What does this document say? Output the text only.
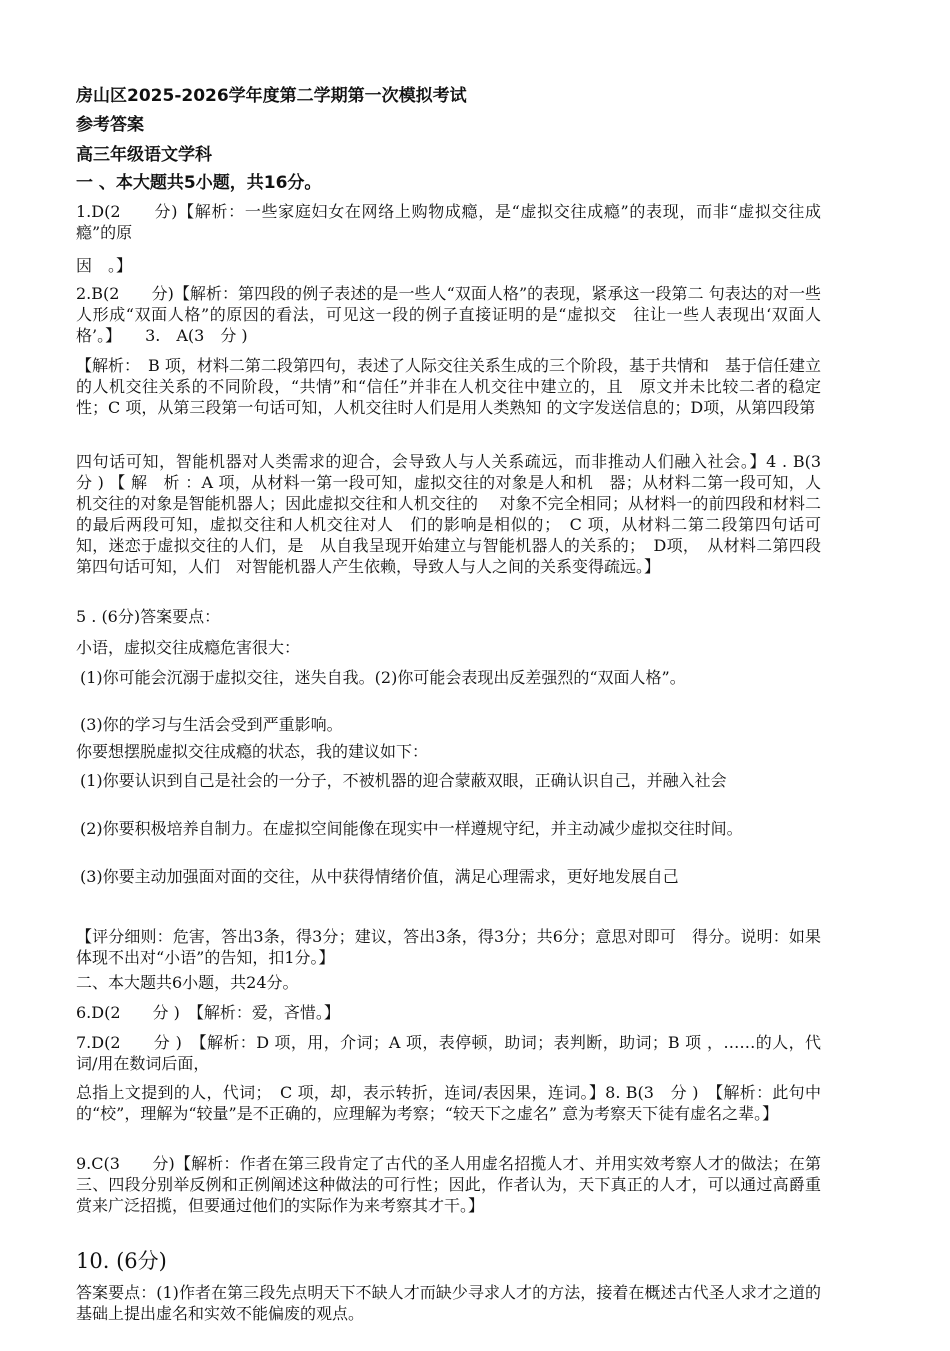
房山区2025-2026学年度第二学期第一次模拟考试
参考答案
高三年级语文学科
一 、本大题共5小题，共16分。
1.D(2　　分)【解析：一些家庭妇女在网络上购物成瘾，是“虚拟交往成瘾”的表现，而非“虚拟交往成瘾”的原
因　。】
2.B(2　　分)【解析：第四段的例子表述的是一些人“双面人格”的表现，紧承这一段第二 句表达的对一些人形成“双面人格”的原因的看法，可见这一段的例子直接证明的是“虚拟交　往让一些人表现出‘双面人格’。】　　3.　A(3　分 )
【解析：　B 项，材料二第二段第四句，表述了人际交往关系生成的三个阶段，基于共情和　基于信任建立的人机交往关系的不同阶段，“共情”和“信任”并非在人机交往中建立的，且　原文并未比较二者的稳定性；C 项，从第三段第一句话可知，人机交往时人们是用人类熟知 的文字发送信息的；D项，从第四段第
四句话可知，智能机器对人类需求的迎合，会导致人与人关系疏远，而非推动人们融入社会。】4 . B(3　分 ) 【 解　析 ：A 项，从材料一第一段可知，虚拟交往的对象是人和机　器；从材料二第一段可知，人机交往的对象是智能机器人；因此虚拟交往和人机交往的　 对象不完全相同；从材料一的前四段和材料二的最后两段可知，虚拟交往和人机交往对人　们的影响是相似的；　C 项，从材料二第二段第四句话可知，迷恋于虚拟交往的人们，是　从自我呈现开始建立与智能机器人的关系的；　D项，　从材料二第四段第四句话可知，人们　对智能机器人产生依赖，导致人与人之间的关系变得疏远。】
5 . (6分)答案要点：
小语，虚拟交往成瘾危害很大：
(1)你可能会沉溺于虚拟交往，迷失自我。(2)你可能会表现出反差强烈的“双面人格”。
(3)你的学习与生活会受到严重影响。
你要想摆脱虚拟交往成瘾的状态，我的建议如下：
(1)你要认识到自己是社会的一分子，不被机器的迎合蒙蔽双眼，正确认识自己，并融入社会
(2)你要积极培养自制力。在虚拟空间能像在现实中一样遵规守纪，并主动减少虚拟交往时间。
(3)你要主动加强面对面的交往，从中获得情绪价值，满足心理需求，更好地发展自己
【评分细则：危害，答出3条，得3分；建议，答出3条，得3分；共6分；意思对即可　得分。说明：如果体现不出对“小语”的告知，扣1分。】
二、本大题共6小题，共24分。
6.D(2　　分 )　【解析：爱，吝惜。】
7.D(2　　分 )　【解析：D 项，用，介词；A 项，表停顿，助词；表判断，助词；B 项 ，……的人，代词/用在数词后面，
总指上文提到的人，代词；　C 项，却，表示转折，连词/表因果，连词。】8. B(3　分 )　【解析：此句中的“校”，理解为“较量”是不正确的，应理解为考察；“较天下之虚名” 意为考察天下徒有虚名之辈。】
9.C(3　　分)【解析：作者在第三段肯定了古代的圣人用虚名招揽人才、并用实效考察人才的做法；在第三、四段分别举反例和正例阐述这种做法的可行性；因此，作者认为，天下真正的人才，可以通过高爵重赏来广泛招揽，但要通过他们的实际作为来考察其才干。】
10. (6分)
答案要点：(1)作者在第三段先点明天下不缺人才而缺少寻求人才的方法，接着在概述古代圣人求才之道的基础上提出虚名和实效不能偏废的观点。
